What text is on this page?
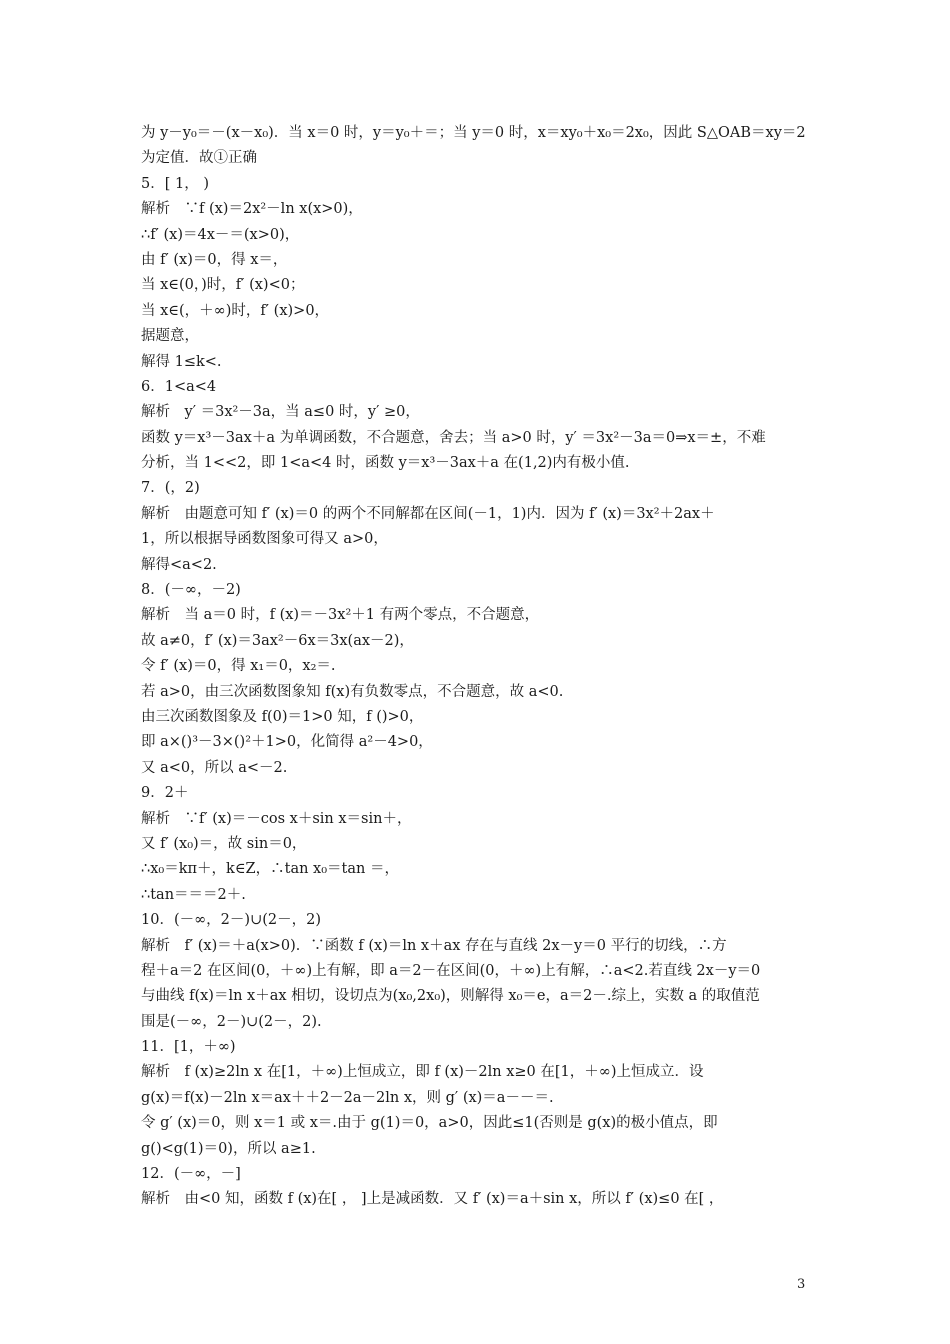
为 y－y₀＝－(x－x₀)．当 x＝0 时，y＝y₀＋＝；当 y＝0 时，x＝xy₀＋x₀＝2x₀，因此 S△OAB＝xy＝2
为定值．故①正确
5．[ 1， )
解析　∵f (x)＝2x²－ln x(x>0)，
∴f′ (x)＝4x－＝(x>0)，
由 f′ (x)＝0，得 x＝，
当 x∈(0，)时，f′ (x)<0；
当 x∈(，＋∞)时，f′ (x)>0，
据题意，
解得 1≤k<.
6．1<a<4
解析　y′ ＝3x²－3a，当 a≤0 时，y′ ≥0，
函数 y＝x³－3ax＋a 为单调函数，不合题意，舍去；当 a>0 时，y′ ＝3x²－3a＝0⇒x＝±，不难
分析，当 1<<2，即 1<a<4 时，函数 y＝x³－3ax＋a 在(1,2)内有极小值.
7．(，2)
解析　由题意可知 f′ (x)＝0 的两个不同解都在区间(－1，1)内．因为 f′ (x)＝3x²＋2ax＋
1，所以根据导函数图象可得又 a>0，
解得<a<2.
8．(－∞，－2)
解析　当 a＝0 时，f (x)＝－3x²＋1 有两个零点，不合题意，
故 a≠0，f′ (x)＝3ax²－6x＝3x(ax－2)，
令 f′ (x)＝0，得 x₁＝0，x₂＝.
若 a>0，由三次函数图象知 f(x)有负数零点，不合题意，故 a<0.
由三次函数图象及 f(0)＝1>0 知，f ()>0，
即 a×()³－3×()²＋1>0，化简得 a²－4>0，
又 a<0，所以 a<－2.
9．2＋
解析　∵f′ (x)＝－cos x＋sin x＝sin＋，
又 f′ (x₀)＝，故 sin＝0，
∴x₀＝kπ＋，k∈Z，∴tan x₀＝tan ＝，
∴tan＝＝＝2＋.
10．(－∞，2－)∪(2－，2)
解析　f′ (x)＝＋a(x>0)．∵函数 f (x)＝ln x＋ax 存在与直线 2x－y＝0 平行的切线，∴方
程＋a＝2 在区间(0，＋∞)上有解，即 a＝2－在区间(0，＋∞)上有解，∴a<2.若直线 2x－y＝0
与曲线 f(x)＝ln x＋ax 相切，设切点为(x₀,2x₀)，则解得 x₀＝e，a＝2－.综上，实数 a 的取值范
围是(－∞，2－)∪(2－，2).
11．[1，＋∞)
解析　f (x)≥2ln x 在[1，＋∞)上恒成立，即 f (x)－2ln x≥0 在[1，＋∞)上恒成立．设
g(x)＝f(x)－2ln x＝ax＋＋2－2a－2ln x，则 g′ (x)＝a－－＝.
令 g′ (x)＝0，则 x＝1 或 x＝.由于 g(1)＝0，a>0，因此≤1(否则是 g(x)的极小值点，即
g()<g(1)＝0)，所以 a≥1.
12．(－∞，－]
解析　由<0 知，函数 f (x)在[ ， ]上是减函数．又 f′ (x)＝a＋sin x，所以 f′ (x)≤0 在[ ，
3
